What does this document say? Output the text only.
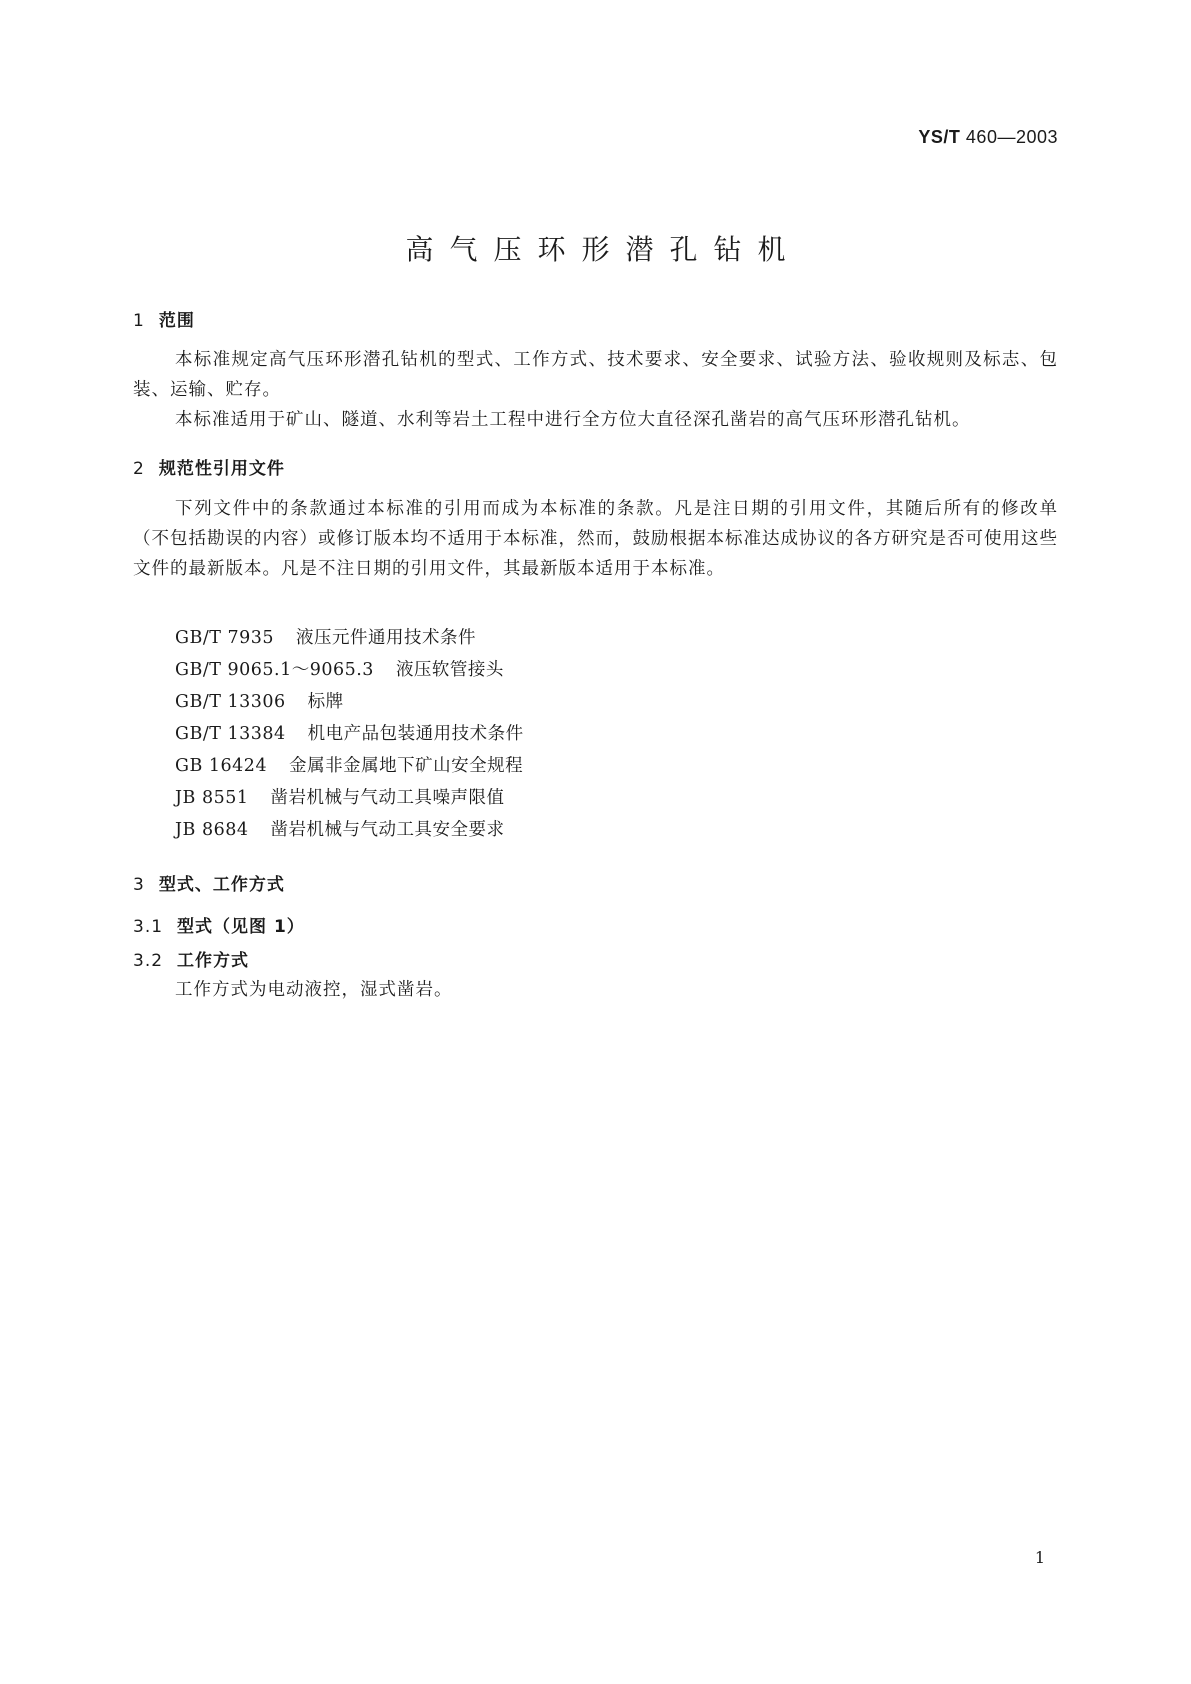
YS/T 460—2003
高气压环形潜孔钻机
1 范围

本标准规定高气压环形潜孔钻机的型式、工作方式、技术要求、安全要求、试验方法、验收规则及标志、包装、运输、贮存。

本标准适用于矿山、隧道、水利等岩土工程中进行全方位大直径深孔凿岩的高气压环形潜孔钻机。

2 规范性引用文件

下列文件中的条款通过本标准的引用而成为本标准的条款。凡是注日期的引用文件，其随后所有的修改单（不包括勘误的内容）或修订版本均不适用于本标准，然而，鼓励根据本标准达成协议的各方研究是否可使用这些文件的最新版本。凡是不注日期的引用文件，其最新版本适用于本标准。

GB/T 7935 液压元件通用技术条件
GB/T 9065.1～9065.3 液压软管接头
GB/T 13306 标牌
GB/T 13384 机电产品包装通用技术条件
GB 16424 金属非金属地下矿山安全规程
JB 8551 凿岩机械与气动工具噪声限值
JB 8684 凿岩机械与气动工具安全要求
3 型式、工作方式
3.1 型式（见图 1）
3.2 工作方式

工作方式为电动液控，湿式凿岩。

1
